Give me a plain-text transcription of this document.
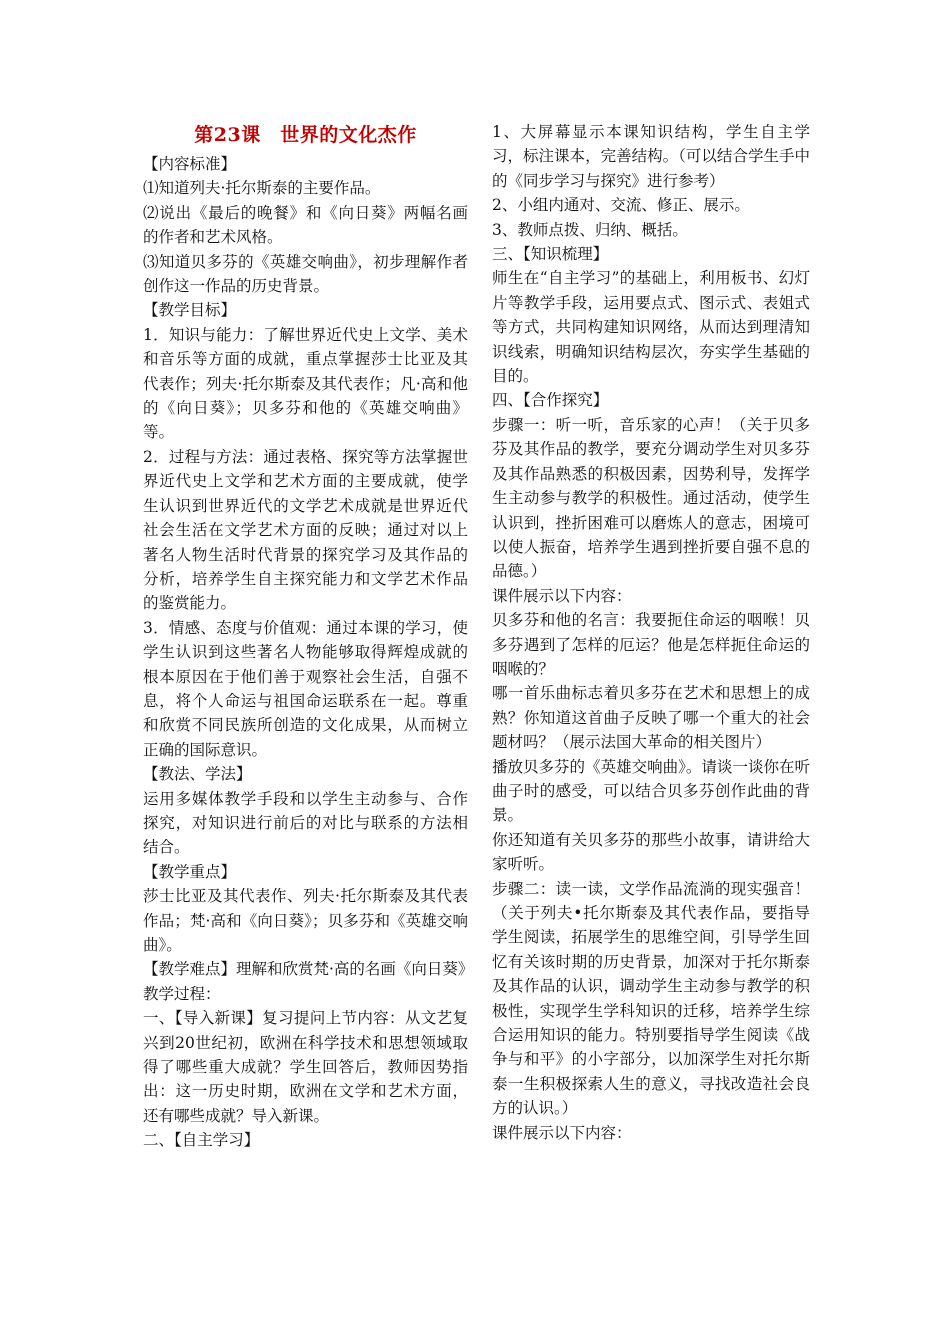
第23课　世界的文化杰作

【内容标准】

⑴知道列夫·托尔斯泰的主要作品。

⑵说出《最后的晚餐》和《向日葵》两幅名画的作者和艺术风格。

⑶知道贝多芬的《英雄交响曲》，初步理解作者创作这一作品的历史背景。

【教学目标】

1．知识与能力：了解世界近代史上文学、美术和音乐等方面的成就，重点掌握莎士比亚及其代表作；列夫·托尔斯泰及其代表作；凡·高和他的《向日葵》；贝多芬和他的《英雄交响曲》等。

2．过程与方法：通过表格、探究等方法掌握世界近代史上文学和艺术方面的主要成就，使学生认识到世界近代的文学艺术成就是世界近代社会生活在文学艺术方面的反映；通过对以上著名人物生活时代背景的探究学习及其作品的分析，培养学生自主探究能力和文学艺术作品的鉴赏能力。

3．情感、态度与价值观：通过本课的学习，使学生认识到这些著名人物能够取得辉煌成就的根本原因在于他们善于观察社会生活，自强不息，将个人命运与祖国命运联系在一起。尊重和欣赏不同民族所创造的文化成果，从而树立正确的国际意识。

【教法、学法】

运用多媒体教学手段和以学生主动参与、合作探究，对知识进行前后的对比与联系的方法相结合。

【教学重点】

莎士比亚及其代表作、列夫·托尔斯泰及其代表作品；梵·高和《向日葵》；贝多芬和《英雄交响曲》。

【教学难点】理解和欣赏梵·高的名画《向日葵》

教学过程：

一、【导入新课】复习提问上节内容：从文艺复兴到20世纪初，欧洲在科学技术和思想领域取得了哪些重大成就？学生回答后，教师因势指出：这一历史时期，欧洲在文学和艺术方面，还有哪些成就？导入新课。

二、【自主学习】

1、大屏幕显示本课知识结构，学生自主学习，标注课本，完善结构。（可以结合学生手中的《同步学习与探究》进行参考）

2、小组内通对、交流、修正、展示。

3、教师点拨、归纳、概括。

三、【知识梳理】

师生在“自主学习”的基础上，利用板书、幻灯片等教学手段，运用要点式、图示式、表姐式等方式，共同构建知识网络，从而达到理清知识线索，明确知识结构层次，夯实学生基础的目的。

四、【合作探究】

步骤一：听一听，音乐家的心声！（关于贝多芬及其作品的教学，要充分调动学生对贝多芬及其作品熟悉的积极因素，因势利导，发挥学生主动参与教学的积极性。通过活动，使学生认识到，挫折困难可以磨炼人的意志，困境可以使人振奋，培养学生遇到挫折要自强不息的品德。）

课件展示以下内容：

贝多芬和他的名言：我要扼住命运的咽喉！贝多芬遇到了怎样的厄运？他是怎样扼住命运的咽喉的？

哪一首乐曲标志着贝多芬在艺术和思想上的成熟？你知道这首曲子反映了哪一个重大的社会题材吗？（展示法国大革命的相关图片）

播放贝多芬的《英雄交响曲》。请谈一谈你在听曲子时的感受，可以结合贝多芬创作此曲的背景。

你还知道有关贝多芬的那些小故事，请讲给大家听听。

步骤二：读一读，文学作品流淌的现实强音！（关于列夫•托尔斯泰及其代表作品，要指导学生阅读，拓展学生的思维空间，引导学生回忆有关该时期的历史背景，加深对于托尔斯泰及其作品的认识，调动学生主动参与教学的积极性，实现学生学科知识的迁移，培养学生综合运用知识的能力。特别要指导学生阅读《战争与和平》的小字部分，以加深学生对托尔斯泰一生积极探索人生的意义，寻找改造社会良方的认识。）

课件展示以下内容：
